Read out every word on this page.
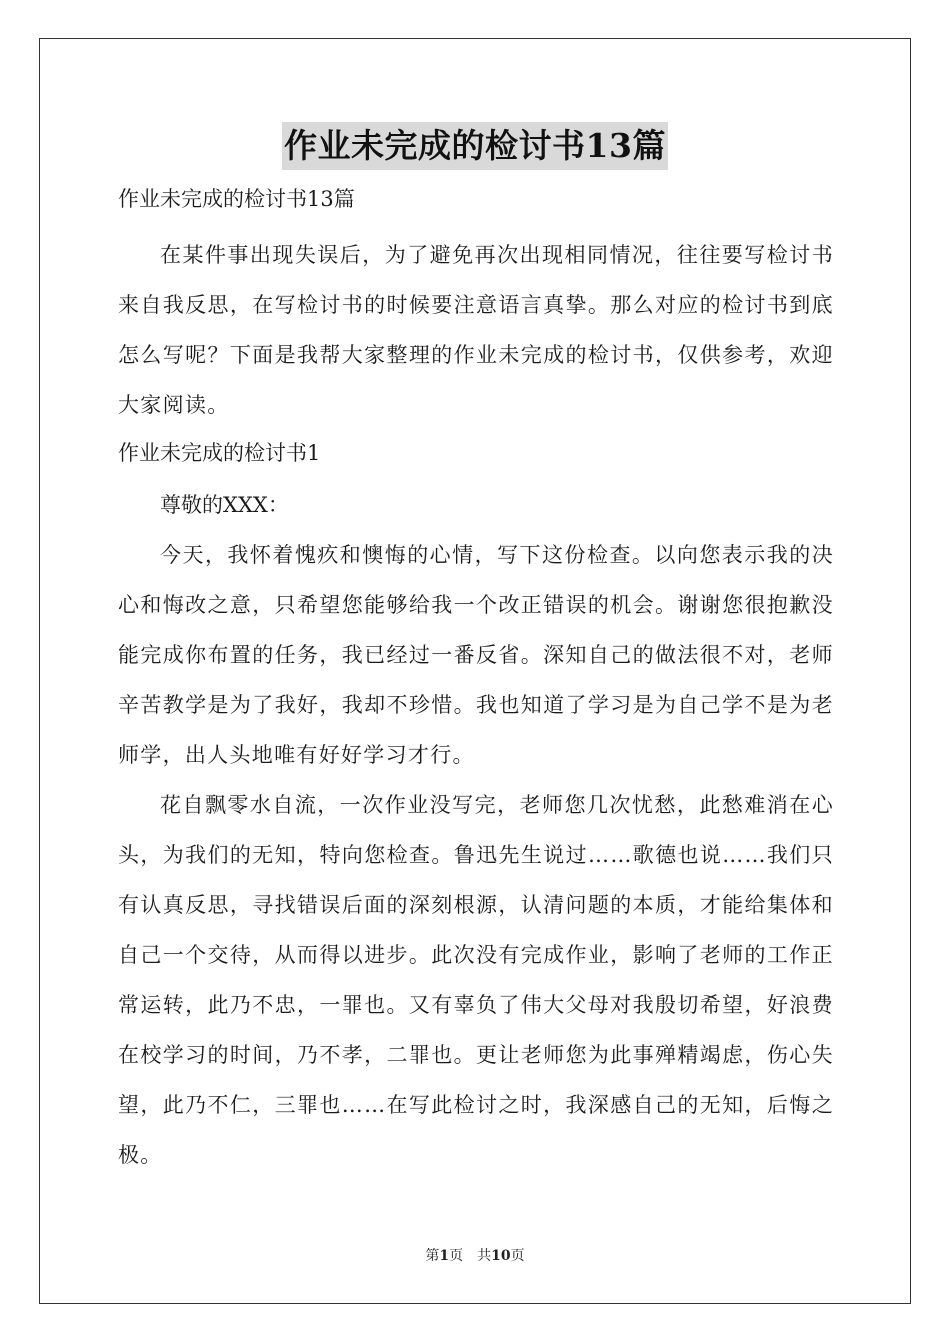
作业未完成的检讨书13篇
作业未完成的检讨书13篇

在某件事出现失误后，为了避免再次出现相同情况，往往要写检讨书来自我反思，在写检讨书的时候要注意语言真挚。那么对应的检讨书到底怎么写呢？下面是我帮大家整理的作业未完成的检讨书，仅供参考，欢迎大家阅读。

作业未完成的检讨书1

尊敬的XXX：

今天，我怀着愧疚和懊悔的心情，写下这份检查。以向您表示我的决心和悔改之意，只希望您能够给我一个改正错误的机会。谢谢您很抱歉没能完成你布置的任务，我已经过一番反省。深知自己的做法很不对，老师辛苦教学是为了我好，我却不珍惜。我也知道了学习是为自己学不是为老师学，出人头地唯有好好学习才行。

花自飘零水自流，一次作业没写完，老师您几次忧愁，此愁难消在心头，为我们的无知，特向您检查。鲁迅先生说过……歌德也说……我们只有认真反思，寻找错误后面的深刻根源，认清问题的本质，才能给集体和自己一个交待，从而得以进步。此次没有完成作业，影响了老师的工作正常运转，此乃不忠，一罪也。又有辜负了伟大父母对我殷切希望，好浪费在校学习的时间，乃不孝，二罪也。更让老师您为此事殚精竭虑，伤心失望，此乃不仁，三罪也……在写此检讨之时，我深感自己的无知，后悔之极。

第1页　共10页
